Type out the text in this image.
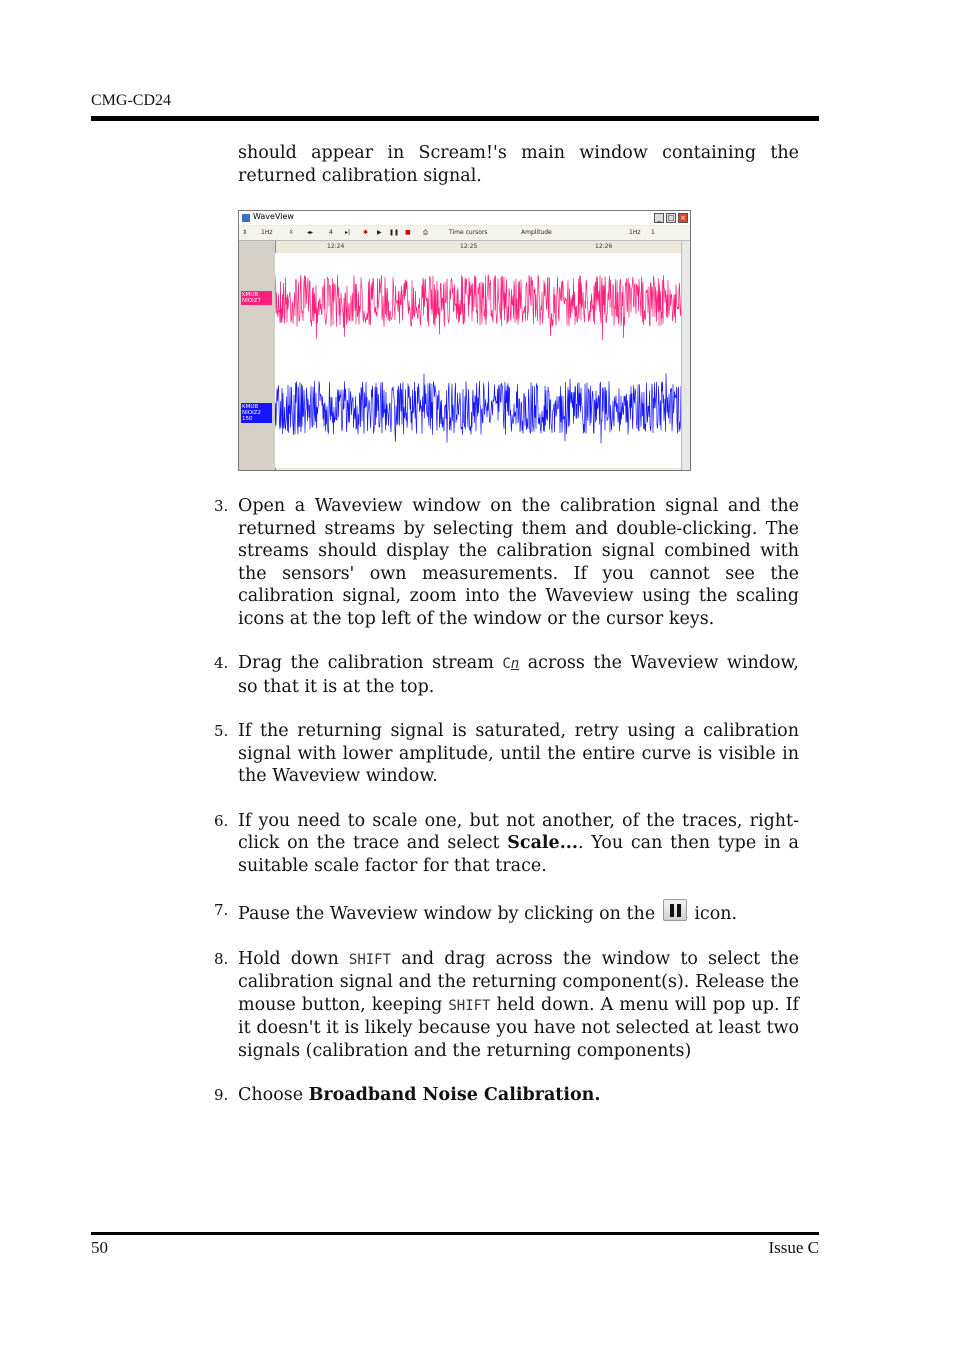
CMG-CD24
should appear in Scream!'s main window containing the returned calibration signal.
WaveView	_ □ ×
⇕ 1Hz	⇳ ◂▸	4 ▸| ✱ ▶ ❚❚ ■ ⎙	Time cursors	Amplitude	1Hz 1
KMUB
NIOIZ7
KMUB
NIOIZ2
150
12:24	12:25	12:26
3. Open a Waveview window on the calibration signal and the returned streams by selecting them and double-clicking. The streams should display the calibration signal combined with the sensors' own measurements. If you cannot see the calibration signal, zoom into the Waveview using the scaling icons at the top left of the window or the cursor keys.
4. Drag the calibration stream Cn across the Waveview window, so that it is at the top.
5. If the returning signal is saturated, retry using a calibration signal with lower amplitude, until the entire curve is visible in the Waveview window.
6. If you need to scale one, but not another, of the traces, right-click on the trace and select Scale.... You can then type in a suitable scale factor for that trace.
7. Pause the Waveview window by clicking on the  icon.
8. Hold down SHIFT and drag across the window to select the calibration signal and the returning component(s). Release the mouse button, keeping SHIFT held down. A menu will pop up. If it doesn't it is likely because you have not selected at least two signals (calibration and the returning components)
9. Choose Broadband Noise Calibration.
50	Issue C
